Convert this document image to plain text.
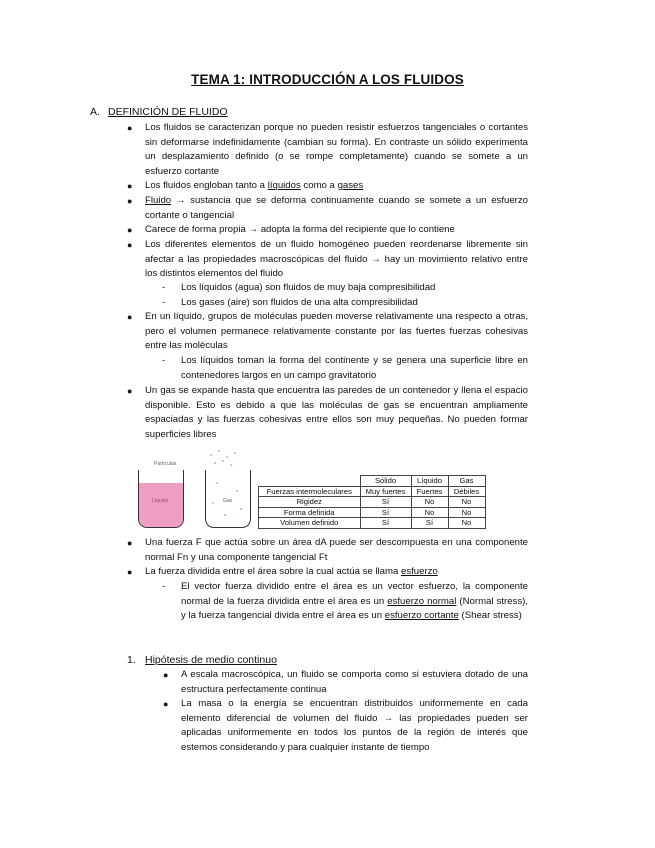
TEMA 1: INTRODUCCIÓN A LOS FLUIDOS
A. DEFINICIÓN DE FLUIDO
● Los fluidos se caracterizan porque no pueden resistir esfuerzos tangenciales o cortantes sin deformarse indefinidamente (cambian su forma). En contraste un sólido experimenta un desplazamiento definido (o se rompe completamente) cuando se somete a un esfuerzo cortante
● Los fluidos engloban tanto a líquidos como a gases
● Fluido → sustancia que se deforma continuamente cuando se somete a un esfuerzo cortante o tangencial
● Carece de forma propia → adopta la forma del recipiente que lo contiene
● Los diferentes elementos de un fluido homogéneo pueden reordenarse libremente sin afectar a las propiedades macroscópicas del fluido → hay un movimiento relativo entre los distintos elementos del fluido
- Los líquidos (agua) son fluidos de muy baja compresibilidad
- Los gases (aire) son fluidos de una alta compresibilidad
● En un líquido, grupos de moléculas pueden moverse relativamente una respecto a otras, pero el volumen permanece relativamente constante por las fuertes fuerzas cohesivas entre las moléculas
- Los líquidos toman la forma del continente y se genera una superficie libre en contenedores largos en un campo gravitatorio
● Un gas se expande hasta que encuentra las paredes de un contenedor y llena el espacio disponible. Esto es debido a que las moléculas de gas se encuentran ampliamente espaciadas y las fuerzas cohesivas entre ellos son muy pequeñas. No pueden formar superficies libres
Partículas
Líquido	Gas
	Sólido	Líquido	Gas
Fuerzas intermoleculares	Muy fuertes	Fuertes	Débiles
Rigidez	Sí	No	No
Forma definida	Sí	No	No
Volumen definido	Sí	Sí	No
● Una fuerza F que actúa sobre un área dA puede ser descompuesta en una componente normal Fn y una componente tangencial Ft
● La fuerza dividida entre el área sobre la cual actúa se llama esfuerzo
- El vector fuerza dividido entre el área es un vector esfuerzo, la componente normal de la fuerza dividida entre el área es un esfuerzo normal (Normal stress), y la fuerza tangencial divida entre el área es un esfuerzo cortante (Shear stress)
1. Hipótesis de medio continuo
● A escala macroscópica, un fluido se comporta como si estuviera dotado de una estructura perfectamente continua
● La masa o la energía se encuentran distribuidos uniformemente en cada elemento diferencial de volumen del fluido → las propiedades pueden ser aplicadas uniformemente en todos los puntos de la región de interés que estemos considerando y para cualquier instante de tiempo
